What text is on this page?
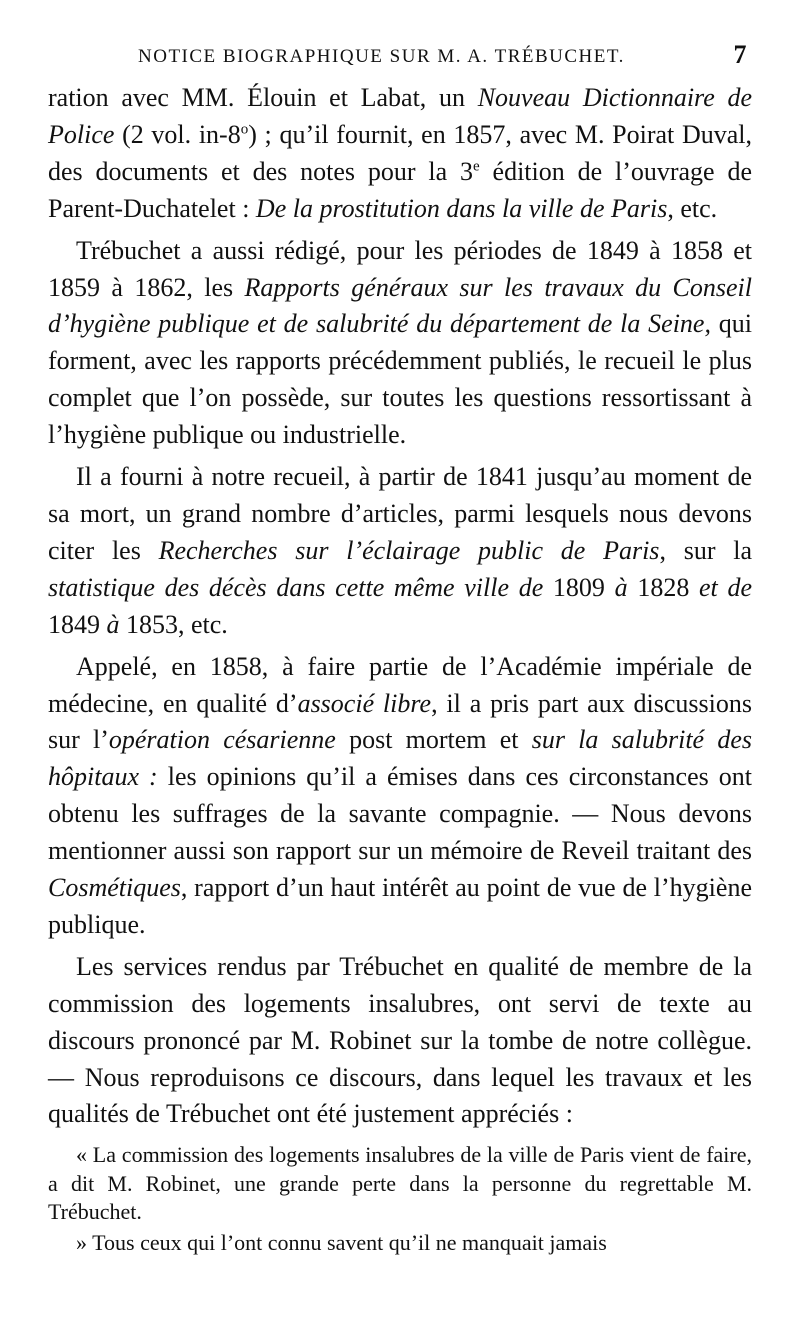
NOTICE BIOGRAPHIQUE SUR M. A. TRÉBUCHET.	7

ration avec MM. Élouin et Labat, un Nouveau Dictionnaire de Police (2 vol. in-8$^o$) ; qu’il fournit, en 1857, avec M. Poirat Duval, des documents et des notes pour la 3e édition de l’ouvrage de Parent-Duchatelet : De la prostitution dans la ville de Paris, etc.

Trébuchet a aussi rédigé, pour les périodes de 1849 à 1858 et 1859 à 1862, les Rapports généraux sur les travaux du Conseil d’hygiène publique et de salubrité du département de la Seine, qui forment, avec les rapports précédemment publiés, le recueil le plus complet que l’on possède, sur toutes les questions ressortissant à l’hygiène publique ou industrielle.

Il a fourni à notre recueil, à partir de 1841 jusqu’au moment de sa mort, un grand nombre d’articles, parmi lesquels nous devons citer les Recherches sur l’éclairage public de Paris, sur la statistique des décès dans cette même ville de 1809 à 1828 et de 1849 à 1853, etc.

Appelé, en 1858, à faire partie de l’Académie impériale de médecine, en qualité d’associé libre, il a pris part aux discussions sur l’opération césarienne post mortem et sur la salubrité des hôpitaux : les opinions qu’il a émises dans ces circonstances ont obtenu les suffrages de la savante compagnie. — Nous devons mentionner aussi son rapport sur un mémoire de Reveil traitant des Cosmétiques, rapport d’un haut intérêt au point de vue de l’hygiène publique.

Les services rendus par Trébuchet en qualité de membre de la commission des logements insalubres, ont servi de texte au discours prononcé par M. Robinet sur la tombe de notre collègue. — Nous reproduisons ce discours, dans lequel les travaux et les qualités de Trébuchet ont été justement appréciés :

« La commission des logements insalubres de la ville de Paris vient de faire, a dit M. Robinet, une grande perte dans la personne du regrettable M. Trébuchet.

» Tous ceux qui l’ont connu savent qu’il ne manquait jamais
